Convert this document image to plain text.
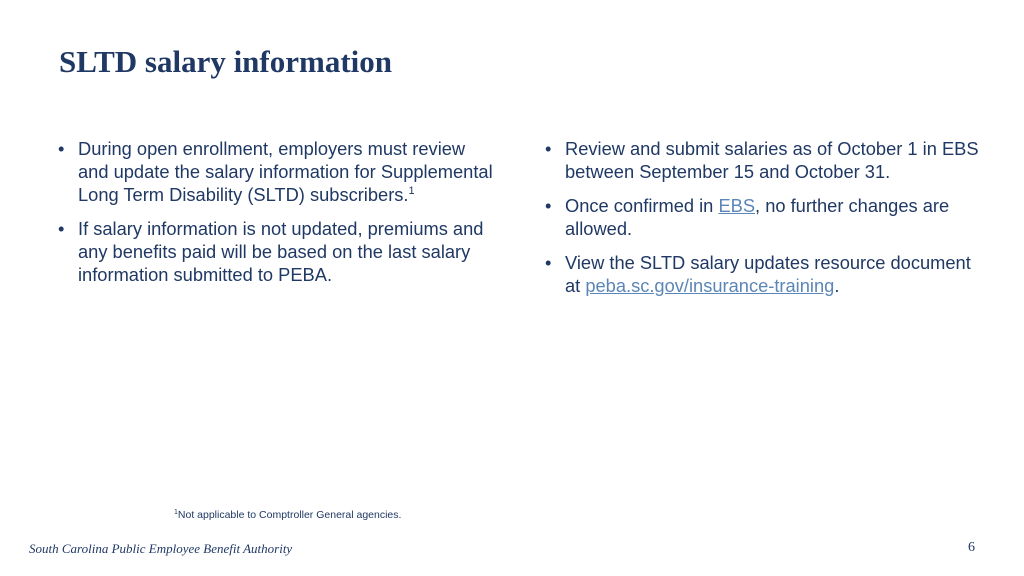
SLTD salary information
• During open enrollment, employers must review and update the salary information for Supplemental Long Term Disability (SLTD) subscribers.$^1$
• If salary information is not updated, premiums and any benefits paid will be based on the last salary information submitted to PEBA.
• Review and submit salaries as of October 1 in EBS between September 15 and October 31.
• Once confirmed in EBS, no further changes are allowed.
• View the SLTD salary updates resource document at peba.sc.gov/insurance-training.
$^1$Not applicable to Comptroller General agencies.
South Carolina Public Employee Benefit Authority	6
